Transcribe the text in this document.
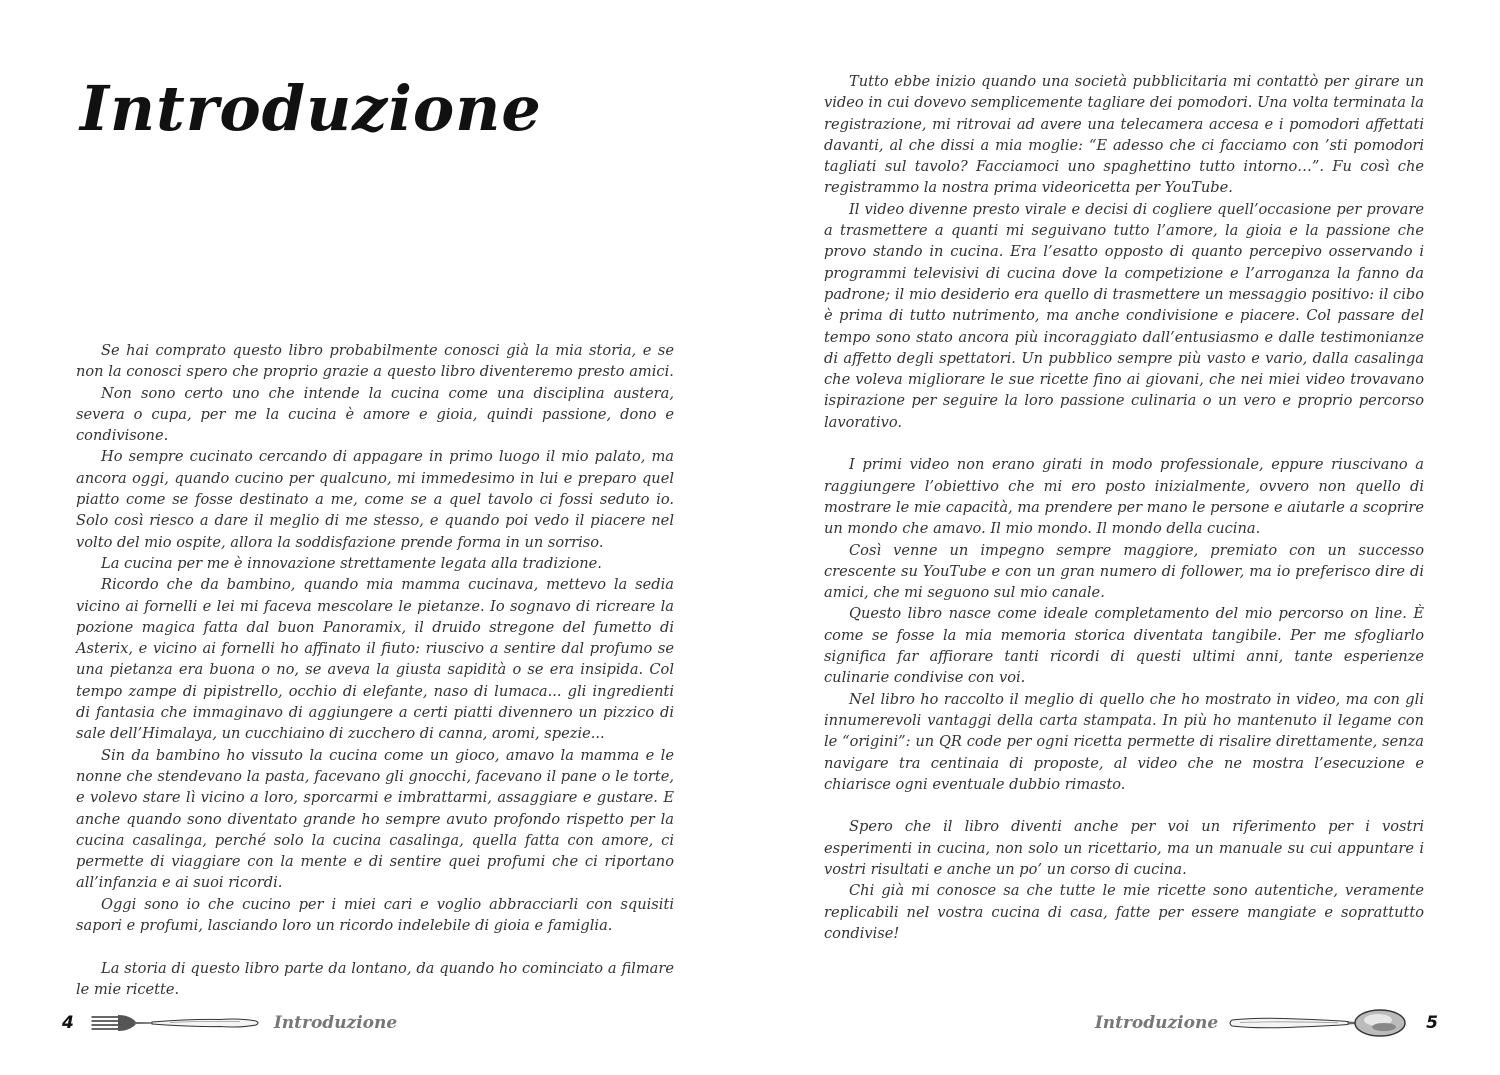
Introduzione

Se hai comprato questo libro probabilmente conosci già la mia storia, e se non la conosci spero che proprio grazie a questo libro diventeremo presto amici.

Non sono certo uno che intende la cucina come una disciplina austera, severa o cupa, per me la cucina è amore e gioia, quindi passione, dono e condivisone.

Ho sempre cucinato cercando di appagare in primo luogo il mio palato, ma ancora oggi, quando cucino per qualcuno, mi immedesimo in lui e preparo quel piatto come se fosse destinato a me, come se a quel tavolo ci fossi seduto io. Solo così riesco a dare il meglio di me stesso, e quando poi vedo il piacere nel volto del mio ospite, allora la soddisfazione prende forma in un sorriso.

La cucina per me è innovazione strettamente legata alla tradizione.

Ricordo che da bambino, quando mia mamma cucinava, mettevo la sedia vicino ai fornelli e lei mi faceva mescolare le pietanze. Io sognavo di ricreare la pozione magica fatta dal buon Panoramix, il druido stregone del fumetto di Asterix, e vicino ai fornelli ho affinato il fiuto: riuscivo a sentire dal profumo se una pietanza era buona o no, se aveva la giusta sapidità o se era insipida. Col tempo zampe di pipistrello, occhio di elefante, naso di lumaca... gli ingredienti di fantasia che immaginavo di aggiungere a certi piatti divennero un pizzico di sale dell’Himalaya, un cucchiaino di zucchero di canna, aromi, spezie...

Sin da bambino ho vissuto la cucina come un gioco, amavo la mamma e le nonne che stendevano la pasta, facevano gli gnocchi, facevano il pane o le torte, e volevo stare lì vicino a loro, sporcarmi e imbrattarmi, assaggiare e gustare. E anche quando sono diventato grande ho sempre avuto profondo rispetto per la cucina casalinga, perché solo la cucina casalinga, quella fatta con amore, ci permette di viaggiare con la mente e di sentire quei profumi che ci riportano all’infanzia e ai suoi ricordi.

Oggi sono io che cucino per i miei cari e voglio abbracciarli con squisiti sapori e profumi, lasciando loro un ricordo indelebile di gioia e famiglia.

La storia di questo libro parte da lontano, da quando ho cominciato a filmare le mie ricette.

4	Introduzione

Tutto ebbe inizio quando una società pubblicitaria mi contattò per girare un video in cui dovevo semplicemente tagliare dei pomodori. Una volta terminata la registrazione, mi ritrovai ad avere una telecamera accesa e i pomodori affettati davanti, al che dissi a mia moglie: “E adesso che ci facciamo con ’sti pomodori tagliati sul tavolo? Facciamoci uno spaghettino tutto intorno…”. Fu così che registrammo la nostra prima videoricetta per YouTube.

Il video divenne presto virale e decisi di cogliere quell’occasione per provare a trasmettere a quanti mi seguivano tutto l’amore, la gioia e la passione che provo stando in cucina. Era l’esatto opposto di quanto percepivo osservando i programmi televisivi di cucina dove la competizione e l’arroganza la fanno da padrone; il mio desiderio era quello di trasmettere un messaggio positivo: il cibo è prima di tutto nutrimento, ma anche condivisione e piacere. Col passare del tempo sono stato ancora più incoraggiato dall’entusiasmo e dalle testimonianze di affetto degli spettatori. Un pubblico sempre più vasto e vario, dalla casalinga che voleva migliorare le sue ricette fino ai giovani, che nei miei video trovavano ispirazione per seguire la loro passione culinaria o un vero e proprio percorso lavorativo.

I primi video non erano girati in modo professionale, eppure riuscivano a raggiungere l’obiettivo che mi ero posto inizialmente, ovvero non quello di mostrare le mie capacità, ma prendere per mano le persone e aiutarle a scoprire un mondo che amavo. Il mio mondo. Il mondo della cucina.

Così venne un impegno sempre maggiore, premiato con un successo crescente su YouTube e con un gran numero di follower, ma io preferisco dire di amici, che mi seguono sul mio canale.

Questo libro nasce come ideale completamento del mio percorso on line. È come se fosse la mia memoria storica diventata tangibile. Per me sfogliarlo significa far affiorare tanti ricordi di questi ultimi anni, tante esperienze culinarie condivise con voi.

Nel libro ho raccolto il meglio di quello che ho mostrato in video, ma con gli innumerevoli vantaggi della carta stampata. In più ho mantenuto il legame con le “origini”: un QR code per ogni ricetta permette di risalire direttamente, senza navigare tra centinaia di proposte, al video che ne mostra l’esecuzione e chiarisce ogni eventuale dubbio rimasto.

Spero che il libro diventi anche per voi un riferimento per i vostri esperimenti in cucina, non solo un ricettario, ma un manuale su cui appuntare i vostri risultati e anche un po’ un corso di cucina.

Chi già mi conosce sa che tutte le mie ricette sono autentiche, veramente replicabili nel vostra cucina di casa, fatte per essere mangiate e soprattutto condivise!

Introduzione	5
